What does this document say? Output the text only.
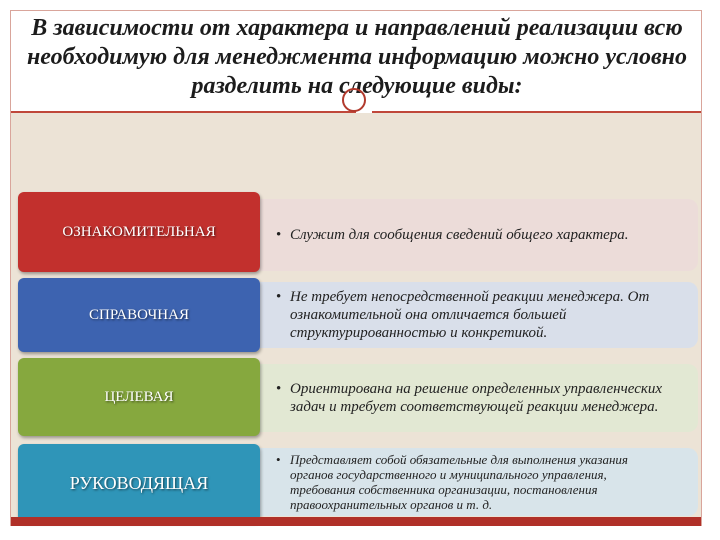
В зависимости от характера и направлений реализации всю необходимую для менеджмента информацию можно условно разделить на следующие виды:
• Служит для сообщения сведений общего характера.
ОЗНАКОМИТЕЛЬНАЯ
• Не требует непосредственной реакции менеджера. От ознакомительной она отличается большей структурированностью и конкретикой.
СПРАВОЧНАЯ
• Ориентирована на решение определенных управленческих задач и требует соответствующей реакции менеджера.
ЦЕЛЕВАЯ
• Представляет собой обязательные для выполнения указания органов государственного и муниципального управления, требования собственника организации, постановления правоохранительных органов и т. д.
РУКОВОДЯЩАЯ
